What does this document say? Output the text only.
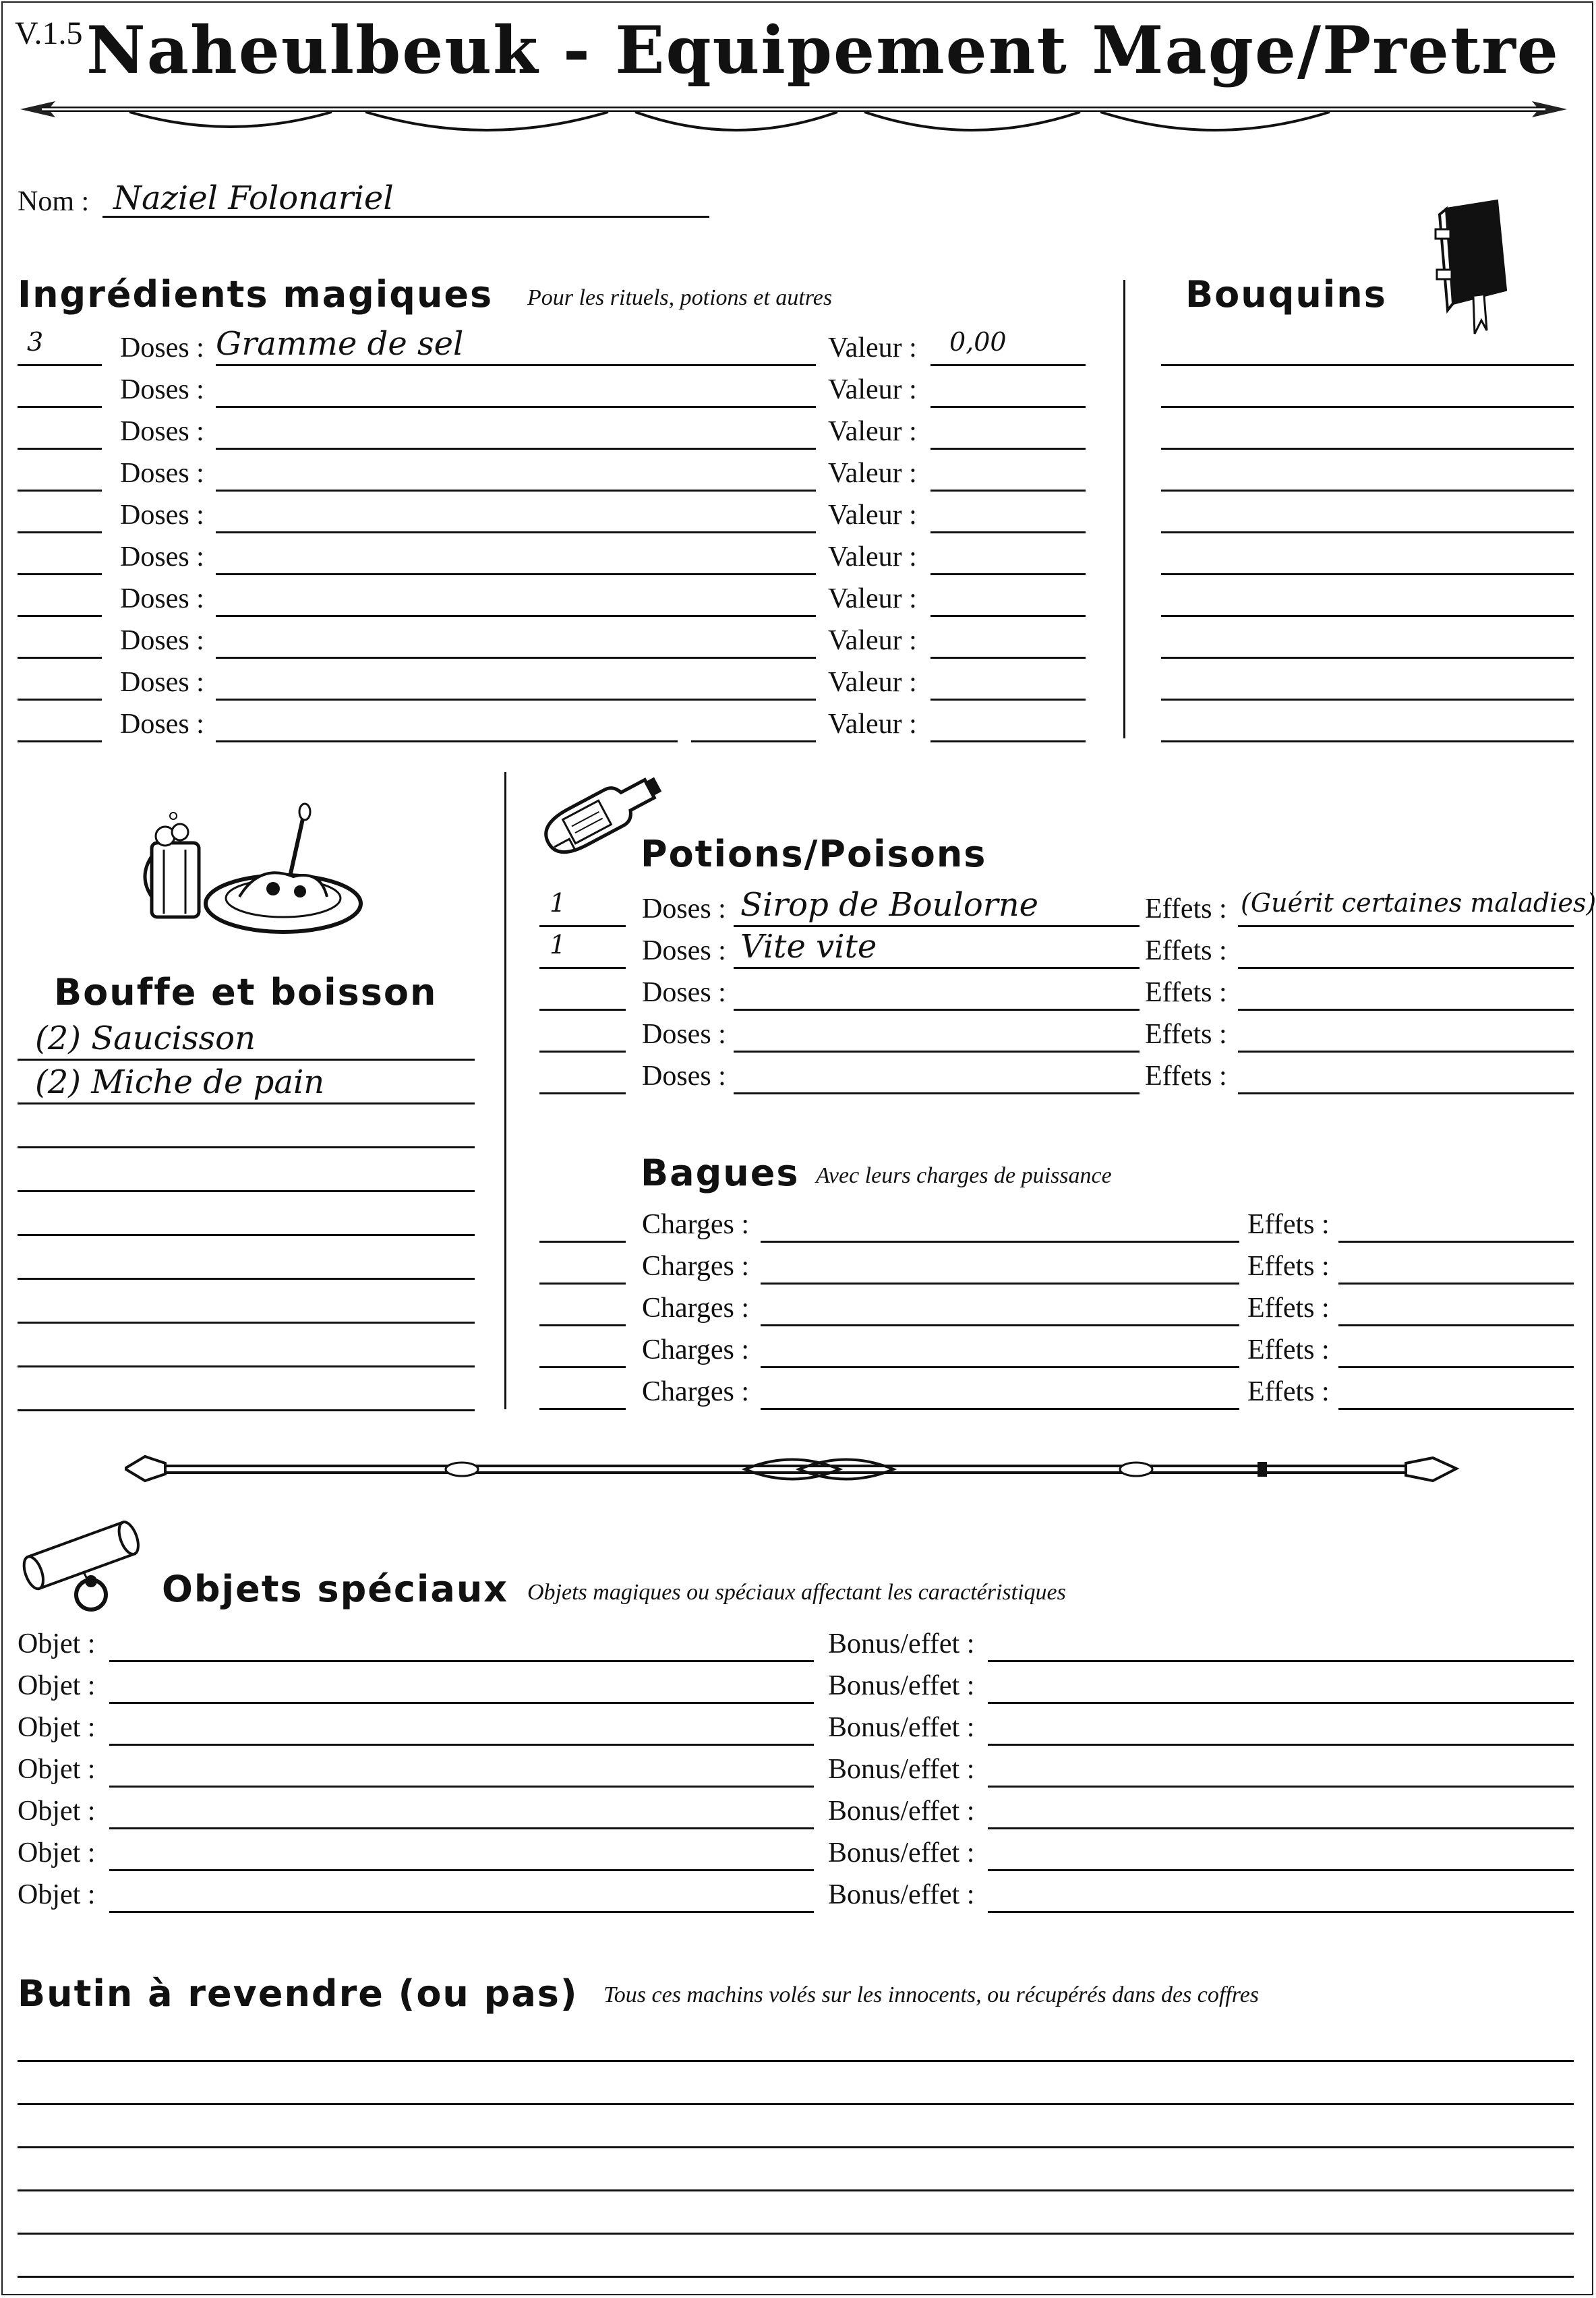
V.1.5 Naheulbeuk - Equipement Mage/Pretre
Nom : Naziel Folonariel
Ingrédients magiques Pour les rituels, potions et autres
3	Doses : Gramme de sel	Valeur : 0,00
Doses :	Valeur :
Doses :	Valeur :
Doses :	Valeur :
Doses :	Valeur :
Doses :	Valeur :
Doses :	Valeur :
Doses :	Valeur :
Doses :	Valeur :
Doses :	Valeur :
Bouquins
Bouffe et boisson
(2) Saucisson
(2) Miche de pain
Potions/Poisons
1	Doses : Sirop de Boulorne	Effets : (Guérit certaines maladies)
1	Doses : Vite vite	Effets :
Doses :	Effets :
Doses :	Effets :
Doses :	Effets :
Bagues Avec leurs charges de puissance
Charges :	Effets :
Charges :	Effets :
Charges :	Effets :
Charges :	Effets :
Charges :	Effets :
Objets spéciaux Objets magiques ou spéciaux affectant les caractéristiques
Objet :	Bonus/effet :
Objet :	Bonus/effet :
Objet :	Bonus/effet :
Objet :	Bonus/effet :
Objet :	Bonus/effet :
Objet :	Bonus/effet :
Objet :	Bonus/effet :
Butin à revendre (ou pas) Tous ces machins volés sur les innocents, ou récupérés dans des coffres
